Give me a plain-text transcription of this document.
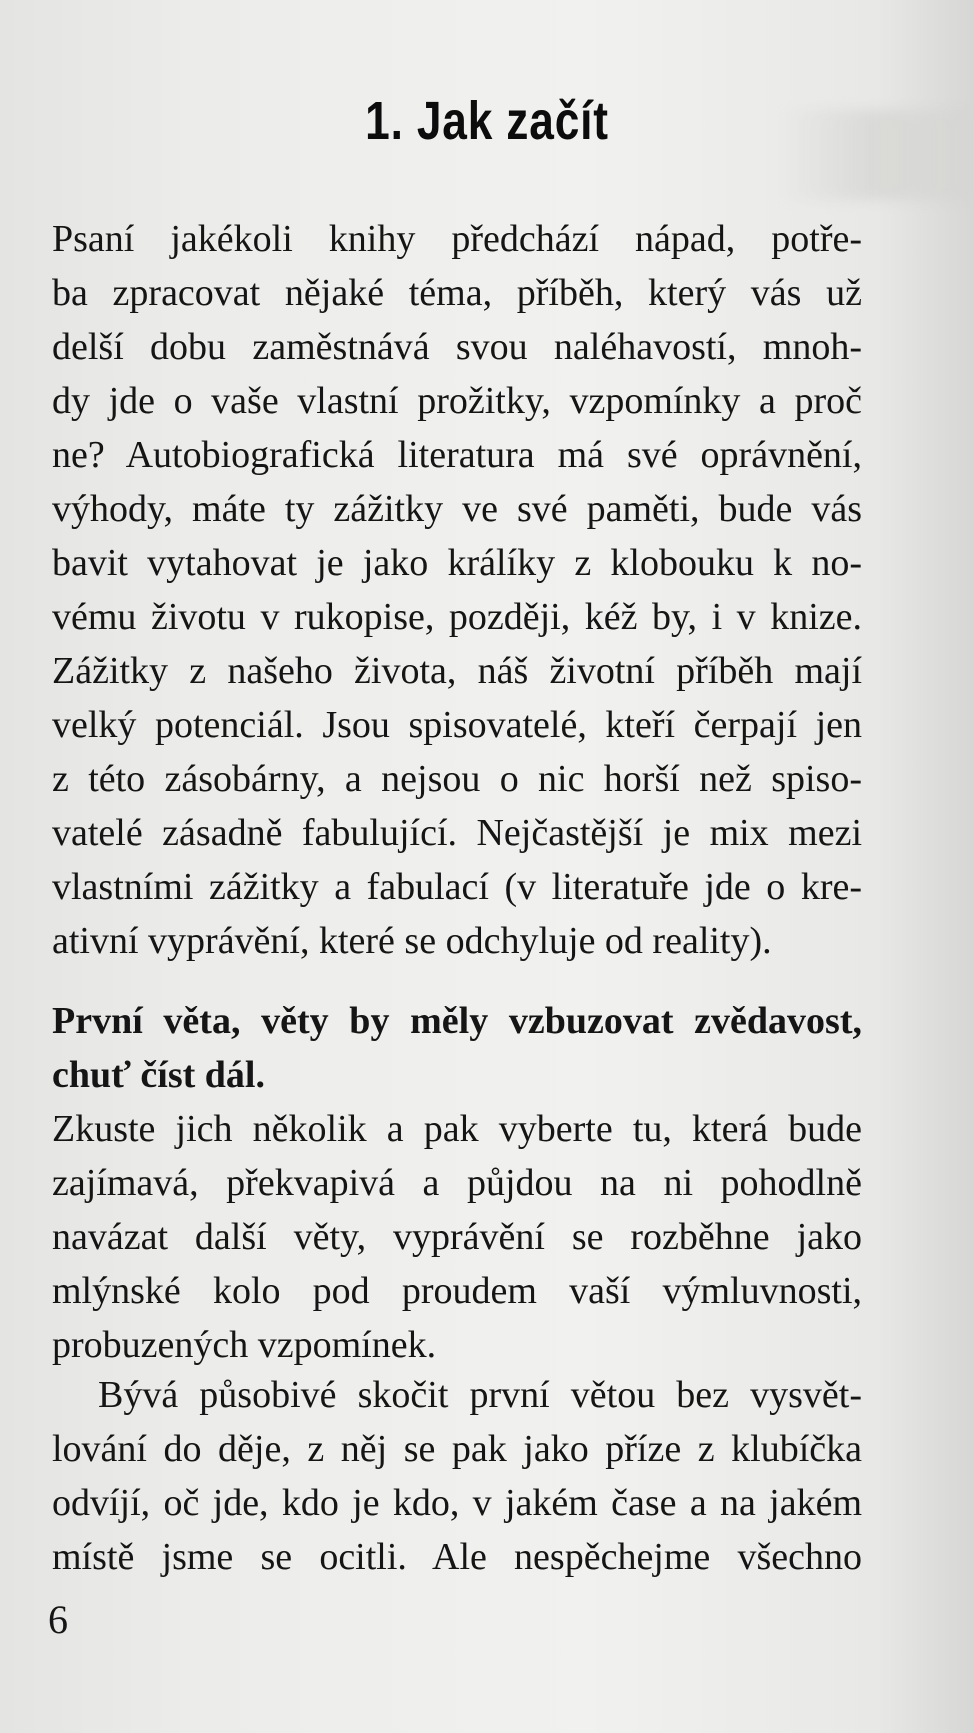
1. Jak začít
Psaní jakékoli knihy předchází nápad, potře-
ba zpracovat nějaké téma, příběh, který vás už
delší dobu zaměstnává svou naléhavostí, mnoh-
dy jde o vaše vlastní prožitky, vzpomínky a proč
ne? Autobiografická literatura má své oprávnění,
výhody, máte ty zážitky ve své paměti, bude vás
bavit vytahovat je jako králíky z klobouku k no-
vému životu v rukopise, později, kéž by, i v knize.
Zážitky z našeho života, náš životní příběh mají
velký potenciál. Jsou spisovatelé, kteří čerpají jen
z této zásobárny, a nejsou o nic horší než spiso-
vatelé zásadně fabulující. Nejčastější je mix mezi
vlastními zážitky a fabulací (v literatuře jde o kre-
ativní vyprávění, které se odchyluje od reality).
První věta, věty by měly vzbuzovat zvědavost,
chuť číst dál.
Zkuste jich několik a pak vyberte tu, která bude
zajímavá, překvapivá a půjdou na ni pohodlně
navázat další věty, vyprávění se rozběhne jako
mlýnské kolo pod proudem vaší výmluvnosti,
probuzených vzpomínek.
Bývá působivé skočit první větou bez vysvět-
lování do děje, z něj se pak jako příze z klubíčka
odvíjí, oč jde, kdo je kdo, v jakém čase a na jakém
místě jsme se ocitli. Ale nespěchejme všechno
6
